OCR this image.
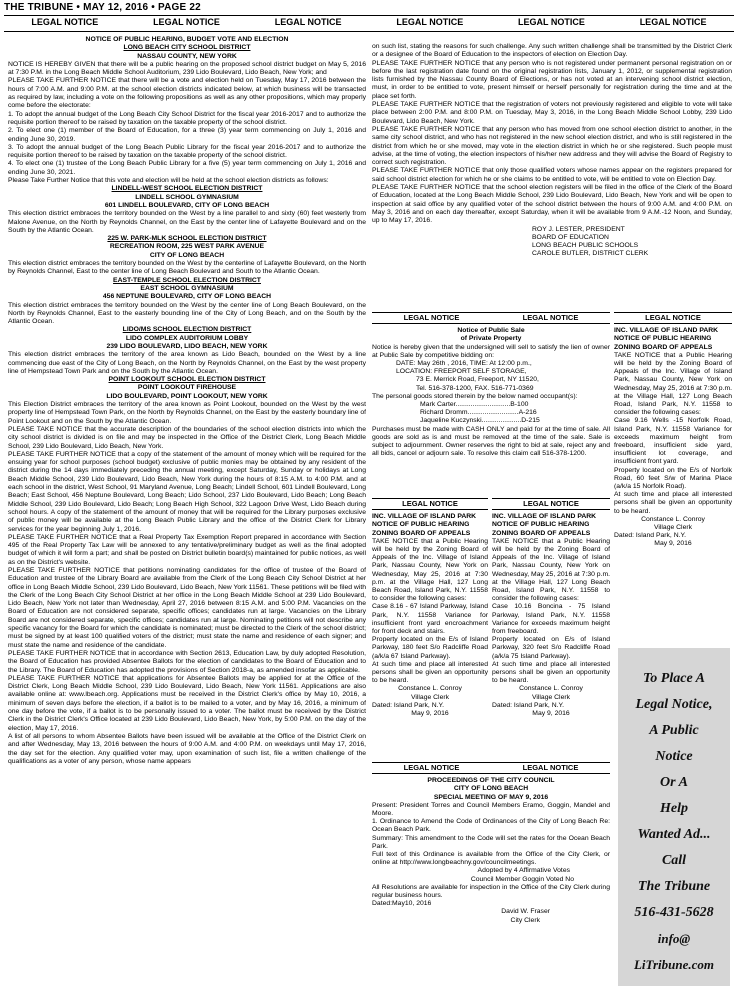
THE TRIBUNE • MAY 12, 2016 • PAGE 22
LEGAL NOTICE	LEGAL NOTICE	LEGAL NOTICE	LEGAL NOTICE	LEGAL NOTICE	LEGAL NOTICE

NOTICE OF PUBLIC HEARING, BUDGET VOTE AND ELECTION

LONG BEACH CITY SCHOOL DISTRICT

NASSAU COUNTY, NEW YORK

NOTICE IS HEREBY GIVEN that there will be a public hearing on the proposed school district budget on May 5, 2016 at 7:30 P.M. in the Long Beach Middle School Auditorium, 239 Lido Boulevard, Lido Beach, New York; and

PLEASE TAKE FURTHER NOTICE that there will be a vote and election held on Tuesday, May 17, 2016 between the hours of 7:00 A.M. and 9:00 P.M. at the school election districts indicated below, at which business will be transacted as required by law, including a vote on the following propositions as well as any other propositions, which may properly come before the electorate:

1. To adopt the annual budget of the Long Beach City School District for the fiscal year 2016-2017 and to authorize the requisite portion thereof to be raised by taxation on the taxable property of the school district.

2. To elect one (1) member of the Board of Education, for a three (3) year term commencing on July 1, 2016 and ending June 30, 2019.

3. To adopt the annual budget of the Long Beach Public Library for the fiscal year 2016-2017 and to authorize the requisite portion thereof to be raised by taxation on the taxable property of the school district.

4. To elect one (1) trustee of the Long Beach Public Library for a five (5) year term commencing on July 1, 2016 and ending June 30, 2021.

Please Take Further Notice that this vote and election will be held at the school election districts as follows:

LINDELL-WEST SCHOOL ELECTION DISTRICT

LINDELL SCHOOL GYMNASIUM

601 LINDELL BOULEVARD, CITY OF LONG BEACH

This election district embraces the territory bounded on the West by a line parallel to and sixty (60) feet westerly from Malone Avenue, on the North by Reynolds Channel, on the East by the center line of Lafayette Boulevard and on the South by the Atlantic Ocean.

225 W. PARK-MLK SCHOOL ELECTION DISTRICT

RECREATION ROOM, 225 WEST PARK AVENUE

CITY OF LONG BEACH

This election district embraces the territory bounded on the West by the centerline of Lafayette Boulevard, on the North by Reynolds Channel, East to the center line of Long Beach Boulevard and South to the Atlantic Ocean.

EAST-TEMPLE SCHOOL ELECTION DISTRICT

EAST SCHOOL GYMNASIUM

456 NEPTUNE BOULEVARD, CITY OF LONG BEACH

This election district embraces the territory bounded on the West by the center line of Long Beach Boulevard, on the North by Reynolds Channel, East to the easterly bounding line of the City of Long Beach, and on the South by the Atlantic Ocean.

LIDO/MS SCHOOL ELECTION DISTRICT

LIDO COMPLEX AUDITORIUM LOBBY

239 LIDO BOULEVARD, LIDO BEACH, NEW YORK

This election district embraces the territory of the area known as Lido Beach, bounded on the West by a line commencing due east of the City of Long Beach, on the North by Reynolds Channel, on the East by the west property line of Hempstead Town Park and on the South by the Atlantic Ocean.

POINT LOOKOUT SCHOOL ELECTION DISTRICT

POINT LOOKOUT FIREHOUSE

LIDO BOULEVARD, POINT LOOKOUT, NEW YORK

This Election District embraces the territory of the area known as Point Lookout, bounded on the West by the west property line of Hempstead Town Park, on the North by Reynolds Channel, on the East by the easterly boundary line of Point Lookout and on the South by the Atlantic Ocean.

PLEASE TAKE NOTICE that the accurate description of the boundaries of the school election districts into which the city school district is divided is on file and may be inspected in the Office of the District Clerk, Long Beach Middle School, 239 Lido Boulevard, Lido Beach, New York.

PLEASE TAKE FURTHER NOTICE that a copy of the statement of the amount of money which will be required for the ensuing year for school purposes (school budget) exclusive of public monies may be obtained by any resident of the district during the 14 days immediately preceding the annual meeting, except Saturday, Sunday or holidays at Long Beach Middle School, 239 Lido Boulevard, Lido Beach, New York during the hours of 8:15 A.M. to 4:00 P.M. and at each school in the district, West School, 91 Maryland Avenue, Long Beach; Lindell School, 601 Lindell Boulevard, Long Beach; East School, 456 Neptune Boulevard, Long Beach; Lido School, 237 Lido Boulevard, Lido Beach; Long Beach Middle School, 239 Lido Boulevard, Lido Beach; Long Beach High School, 322 Lagoon Drive West, Lido Beach during school hours. A copy of the statement of the amount of money that will be required for the Library purposes exclusive of public money will be available at the Long Beach Public Library and the office of the District Clerk for Library services for the year beginning July 1, 2016.

PLEASE TAKE FURTHER NOTICE that a Real Property Tax Exemption Report prepared in accordance with Section 495 of the Real Property Tax Law will be annexed to any tentative/preliminary budget as well as the final adopted budget of which it will form a part; and shall be posted on District bulletin board(s) maintained for public notices, as well as on the District's website.

PLEASE TAKE FURTHER NOTICE that petitions nominating candidates for the office of trustee of the Board of Education and trustee of the Library Board are available from the Clerk of the Long Beach City School District at her office in Long Beach Middle School, 239 Lido Boulevard, Lido Beach, New York 11561. These petitions will be filed with the Clerk of the Long Beach City School District at her office in the Long Beach Middle School at 239 Lido Boulevard, Lido Beach, New York not later than Wednesday, April 27, 2016 between 8:15 A.M. and 5:00 P.M. Vacancies on the Board of Education are not considered separate, specific offices; candidates run at large. Vacancies on the Library Board are not considered separate, specific offices; candidates run at large. Nominating petitions will not describe any specific vacancy for the Board for which the candidate is nominated; must be directed to the Clerk of the school district; must be signed by at least 100 qualified voters of the district; must state the name and residence of each signer; and must state the name and residence of the candidate.

PLEASE TAKE FURTHER NOTICE that in accordance with Section 2613, Education Law, by duly adopted Resolution, the Board of Education has provided Absentee Ballots for the election of candidates to the Board of Education and to the Library. The Board of Education has adopted the provisions of Section 2018-a, as amended insofar as applicable.

PLEASE TAKE FURTHER NOTICE that applications for Absentee Ballots may be applied for at the Office of the District Clerk, Long Beach Middle School, 239 Lido Boulevard, Lido Beach, New York 11561. Applications are also available online at: www.lbeach.org. Applications must be received in the District Clerk's office by May 10, 2016, a minimum of seven days before the election, if a ballot is to be mailed to a voter, and by May 16, 2016, a minimum of one day before the vote, if a ballot is to be personally issued to a voter. The ballot must be received by the District Clerk in the District Clerk's Office located at 239 Lido Boulevard, Lido Beach, New York, by 5:00 P.M. on the day of the election, May 17, 2016.

A list of all persons to whom Absentee Ballots have been issued will be available at the Office of the District Clerk on and after Wednesday, May 13, 2016 between the hours of 9:00 A.M. and 4:00 P.M. on weekdays until May 17, 2016, the day set for the election. Any qualified voter may, upon examination of such list, file a written challenge of the qualifications as a voter of any person, whose name appears

on such list, stating the reasons for such challenge. Any such written challenge shall be transmitted by the District Clerk or a designee of the Board of Education to the inspectors of election on Election Day.

PLEASE TAKE FURTHER NOTICE that any person who is not registered under permanent personal registration on or before the last registration date found on the original registration lists, January 1, 2012, or supplemental registration lists furnished by the Nassau County Board of Elections, or has not voted at an intervening school district election, must, in order to be entitled to vote, present himself or herself personally for registration during the time and at the place set forth.

PLEASE TAKE FURTHER NOTICE that the registration of voters not previously registered and eligible to vote will take place between 2:00 P.M. and 8:00 P.M. on Tuesday, May 3, 2016, in the Long Beach Middle School Lobby, 239 Lido Boulevard, Lido Beach, New York.

PLEASE TAKE FURTHER NOTICE that any person who has moved from one school election district to another, in the same city school district, and who has not registered in the new school election district, and who is still registered in the district from which he or she moved, may vote in the election district in which he or she registered. Such people must advise, at the time of voting, the election inspectors of his/her new address and they will advise the Board of Registry to correct such registration.

PLEASE TAKE FURTHER NOTICE that only those qualified voters whose names appear on the registers prepared for said school district election for which he or she claims to be entitled to vote, will be entitled to vote on Election Day.

PLEASE TAKE FURTHER NOTICE that the school election registers will be filed in the office of the Clerk of the Board of Education, located at the Long Beach Middle School, 239 Lido Boulevard, Lido Beach, New York and will be open to inspection at said office by any qualified voter of the school district between the hours of 9:00 A.M. and 4:00 P.M. on May 3, 2016 and on each day thereafter, except Saturday, when it will be available from 9 A.M.-12 Noon, and Sunday, up to May 17, 2016.

ROY J. LESTER, PRESIDENT
BOARD OF EDUCATION
LONG BEACH PUBLIC SCHOOLS
CAROLE BUTLER, DISTRICT CLERK
LEGAL NOTICE	LEGAL NOTICE

Notice of Public Sale

of Private Property

Notice is hereby given that the undersigned will sell to satisfy the lien of owner at Public Sale by competitive bidding on:

DATE: May 26th , 2016, TIME: At 12:00 p.m.,

LOCATION: FREEPORT SELF STORAGE,

73 E. Merrick Road, Freeport, NY 11520,

Tel. 516-378-1200, FAX. 516-771-0369

The personal goods stored therein by the below named occupant(s):

Mark Carter.............................B-100

Richard Dromm...........................A-216

Jaqueline Kuczynski.....................D-215

Purchases must be made with CASH ONLY and paid for at the time of sale. All goods are sold as is and must be removed at the time of the sale. Sale is subject to adjournment. Owner reserves the right to bid at sale, reject any and all bids, cancel or adjourn sale. To resolve this claim call 516-378-1200.

LEGAL NOTICE

INC. VILLAGE OF ISLAND PARK

NOTICE OF PUBLIC HEARING

ZONING BOARD OF APPEALS

TAKE NOTICE that a Public Hearing will be held by the Zoning Board of Appeals of the Inc. Village of Island Park, Nassau County, New York on Wednesday, May 25, 2016 at 7:30 p.m. at the Village Hall, 127 Long Beach Road, Island Park, N.Y. 11558 to consider the following cases:

Case 9.16 Wells -15 Norfolk Road, Island Park, N.Y. 11558 Variance for exceeds maximum height from freeboard, insufficient side yard, insufficient lot coverage, and insufficient front yard.

Property located on the E/s of Norfolk Road, 60 feet S/w of Marina Place (a/k/a 15 Norfolk Road).

At such time and place all interested persons shall be given an opportunity to be heard.

Constance L. Conroy

Village Clerk

Dated: Island Park, N.Y.

May 9, 2016

LEGAL NOTICE

INC. VILLAGE OF ISLAND PARK

NOTICE OF PUBLIC HEARING

ZONING BOARD OF APPEALS

TAKE NOTICE that a Public Hearing will be held by the Zoning Board of Appeals of the Inc. Village of Island Park, Nassau County, New York on Wednesday, May 25, 2016 at 7:30 p.m. at the Village Hall, 127 Long Beach Road, Island Park, N.Y. 11558 to consider the following cases:

Case 8.16 - 67 Island Parkway, Island Park, N.Y. 11558 Variance for insufficient front yard encroachment for front deck and stairs.

Property located on the E/s of Island Parkway, 180 feet S/o Radcliffe Road (a/k/a 67 Island Parkway).

At such time and place all interested persons shall be given an opportunity to be heard.

Constance L. Conroy

Village Clerk

Dated: Island Park, N.Y.

May 9, 2016

LEGAL NOTICE

INC. VILLAGE OF ISLAND PARK

NOTICE OF PUBLIC HEARING

ZONING BOARD OF APPEALS

TAKE NOTICE that a Public Hearing will be held by the Zoning Board of Appeals of the Inc. Village of Island Park, Nassau County, New York on Wednesday, May 25, 2016 at 7:30 p.m. at the Village Hall, 127 Long Beach Road, Island Park, N.Y. 11558 to consider the following cases:

Case 10.16 Boncina - 75 Island Parkway, Island Park, N.Y. 11558 Variance for exceeds maximum height from freeboard.

Property located on E/s of Island Parkway, 320 feet S/o Radcliffe Road (a/k/a 75 Island Parkway).

At such time and place all interested persons shall be given an opportunity to be heard.

Constance L. Conroy

Village Clerk

Dated: Island Park, N.Y.

May 9, 2016

LEGAL NOTICE	LEGAL NOTICE

PROCEEDINGS OF THE CITY COUNCIL

CITY OF LONG BEACH

SPECIAL MEETING OF MAY 9, 2016

Present: President Torres and Council Members Eramo, Goggin, Mandel and Moore.

1. Ordinance to Amend the Code of Ordinances of the City of Long Beach Re: Ocean Beach Park.

Summary: This amendment to the Code will set the rates for the Ocean Beach Park.

Full text of this Ordinance is available from the Office of the City Clerk, or online at http://www.longbeachny.gov/councilmeetings.

Adopted by 4 Affirmative Votes

Council Member Goggin Voted No

All Resolutions are available for inspection in the Office of the City Clerk during regular business hours.

Dated:May10, 2016

David W. Fraser

City Clerk

To Place A
Legal Notice,
A Public
Notice
Or A
Help
Wanted Ad...
Call
The Tribune
516-431-5628
info@
LiTribune.com
